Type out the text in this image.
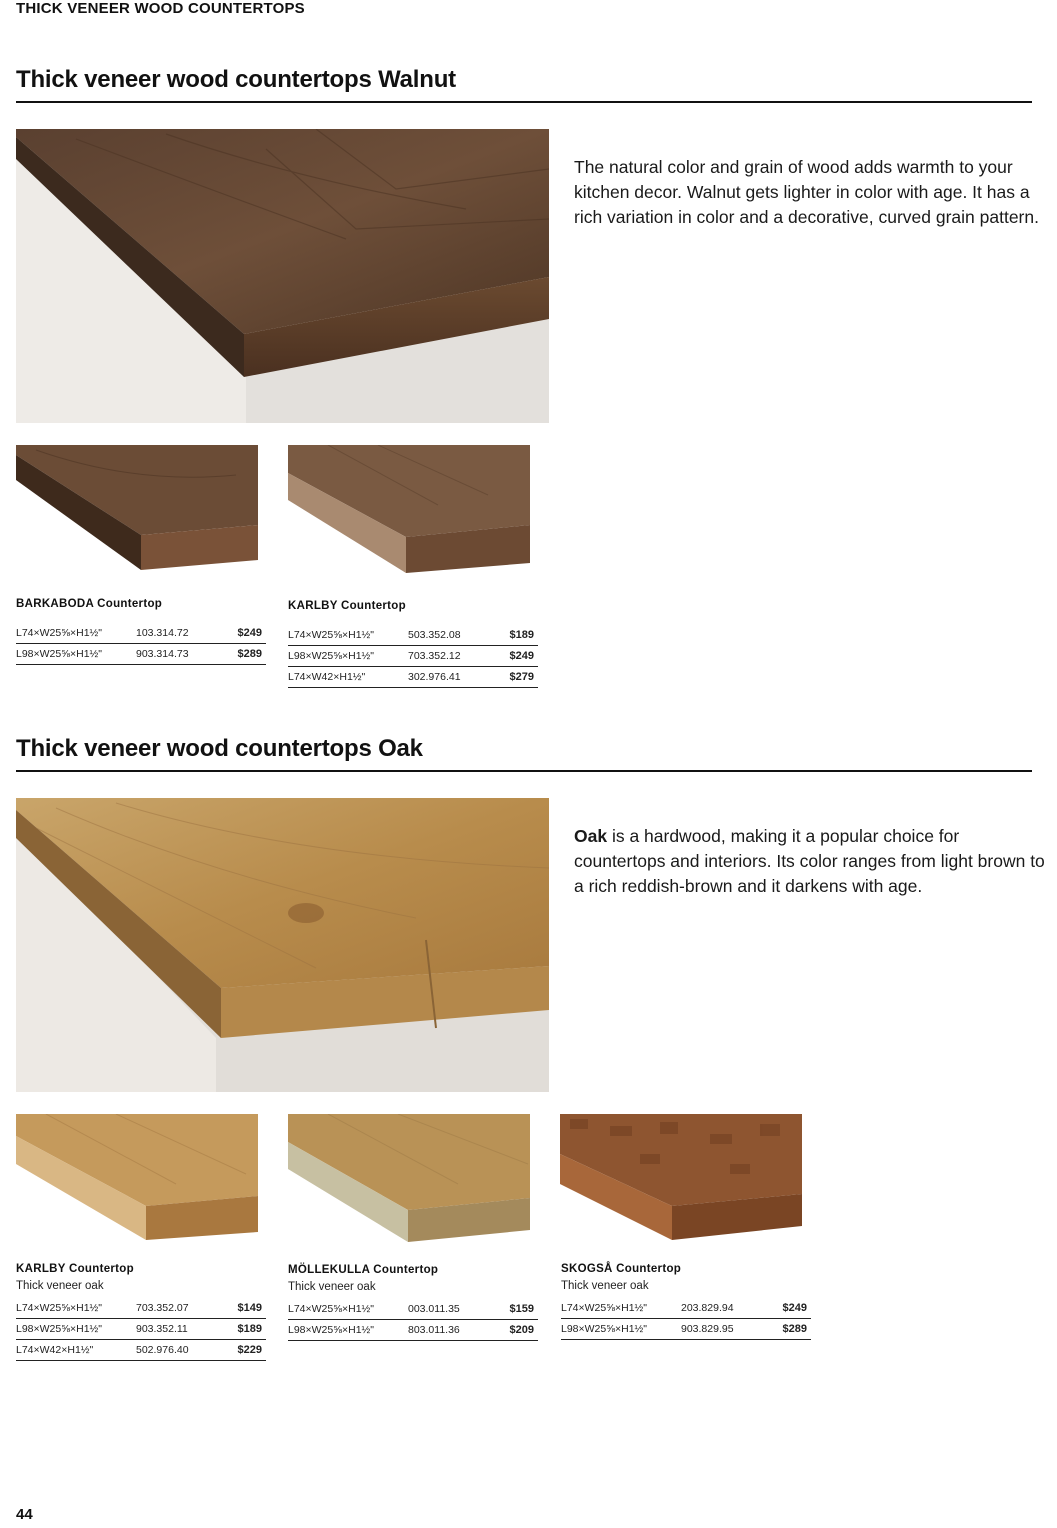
THICK VENEER WOOD COUNTERTOPS
Thick veneer wood countertops Walnut
The natural color and grain of wood adds warmth to your kitchen decor. Walnut gets lighter in color with age. It has a rich variation in color and a decorative, curved grain pattern.
BARKABODA Countertop
L74×W25⅝×H1½"	103.314.72	$249
L98×W25⅝×H1½"	903.314.73	$289
KARLBY Countertop
L74×W25⅝×H1½"	503.352.08	$189
L98×W25⅝×H1½"	703.352.12	$249
L74×W42×H1½"	302.976.41	$279
Thick veneer wood countertops Oak
Oak is a hardwood, making it a popular choice for countertops and interiors. Its color ranges from light brown to a rich reddish-brown and it darkens with age.
KARLBY Countertop
Thick veneer oak
L74×W25⅝×H1½"	703.352.07	$149
L98×W25⅝×H1½"	903.352.11	$189
L74×W42×H1½"	502.976.40	$229
MÖLLEKULLA Countertop
Thick veneer oak
L74×W25⅝×H1½"	003.011.35	$159
L98×W25⅝×H1½"	803.011.36	$209
SKOGSÅ Countertop
Thick veneer oak
L74×W25⅝×H1½"	203.829.94	$249
L98×W25⅝×H1½"	903.829.95	$289
44
